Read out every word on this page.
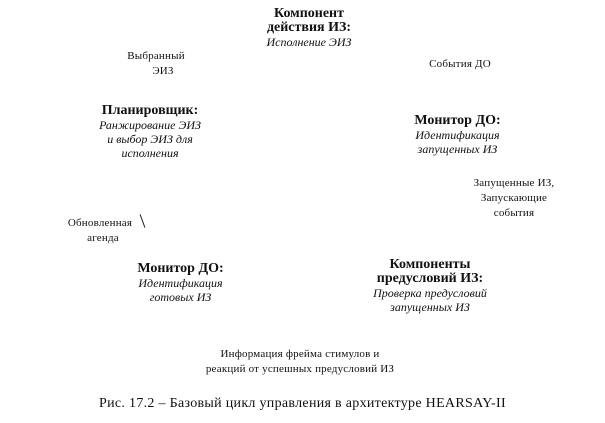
Компонент
действия ИЗ:
Исполнение ЭИЗ
Планировщик:
Ранжирование ЭИЗ
и выбор ЭИЗ для
исполнения
Монитор ДО:
Идентификация
запущенных ИЗ
Монитор ДО:
Идентификация
готовых ИЗ
Компоненты
предусловий ИЗ:
Проверка предусловий
запущенных ИЗ
Выбранный
ЭИЗ
События ДО
Запущенные ИЗ,
Запускающие
события
Обновленная
агенда
Информация фрейма стимулов и
реакций от успешных предусловий ИЗ
Рис. 17.2 – Базовый цикл управления в архитектуре HEARSAY-II
